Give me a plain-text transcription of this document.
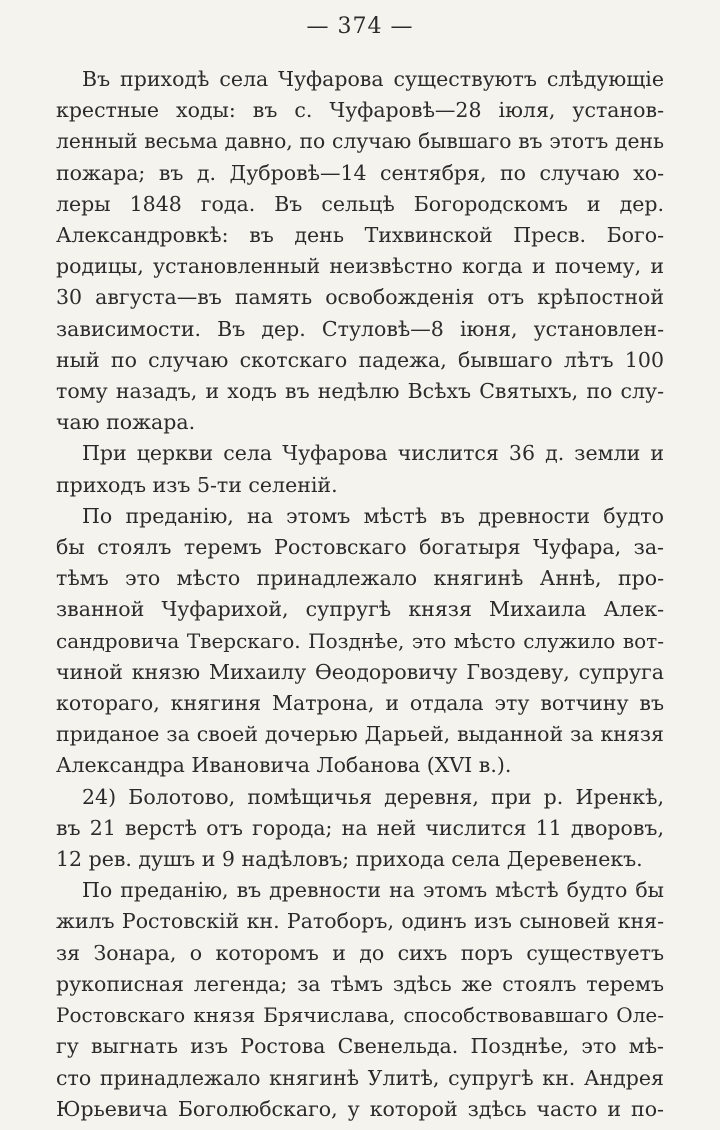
— 374 —
Въ приходѣ села Чуфарова существуютъ слѣдующіе
крестные ходы: въ с. Чуфаровѣ—28 іюля, установ-
ленный весьма давно, по случаю бывшаго въ этотъ день
пожара; въ д. Дубровѣ—14 сентября, по случаю хо-
леры 1848 года. Въ сельцѣ Богородскомъ и дер.
Александровкѣ: въ день Тихвинской Пресв. Бого-
родицы, установленный неизвѣстно когда и почему, и
30 августа—въ память освобожденія отъ крѣпостной
зависимости. Въ дер. Стуловѣ—8 іюня, установлен-
ный по случаю скотскаго падежа, бывшаго лѣтъ 100
тому назадъ, и ходъ въ недѣлю Всѣхъ Святыхъ, по слу-
чаю пожара.
При церкви села Чуфарова числится 36 д. земли и
приходъ изъ 5-ти селеній.
По преданію, на этомъ мѣстѣ въ древности будто
бы стоялъ теремъ Ростовскаго богатыря Чуфара, за-
тѣмъ это мѣсто принадлежало княгинѣ Аннѣ, про-
званной Чуфарихой, супругѣ князя Михаила Алек-
сандровича Тверскаго. Позднѣе, это мѣсто служило вот-
чиной князю Михаилу Ѳеодоровичу Гвоздеву, супруга
котораго, княгиня Матрона, и отдала эту вотчину въ
приданое за своей дочерью Дарьей, выданной за князя
Александра Ивановича Лобанова (XVI в.).
24) Болотово, помѣщичья деревня, при р. Иренкѣ,
въ 21 верстѣ отъ города; на ней числится 11 дворовъ,
12 рев. душъ и 9 надѣловъ; прихода села Деревенекъ.
По преданію, въ древности на этомъ мѣстѣ будто бы
жилъ Ростовскій кн. Ратоборъ, одинъ изъ сыновей кня-
зя Зонара, о которомъ и до сихъ поръ существуетъ
рукописная легенда; за тѣмъ здѣсь же стоялъ теремъ
Ростовскаго князя Брячислава, способствовавшаго Оле-
гу выгнать изъ Ростова Свенельда. Позднѣе, это мѣ-
сто принадлежало княгинѣ Улитѣ, супругѣ кн. Андрея
Юрьевича Боголюбскаго, у которой здѣсь часто и по-
